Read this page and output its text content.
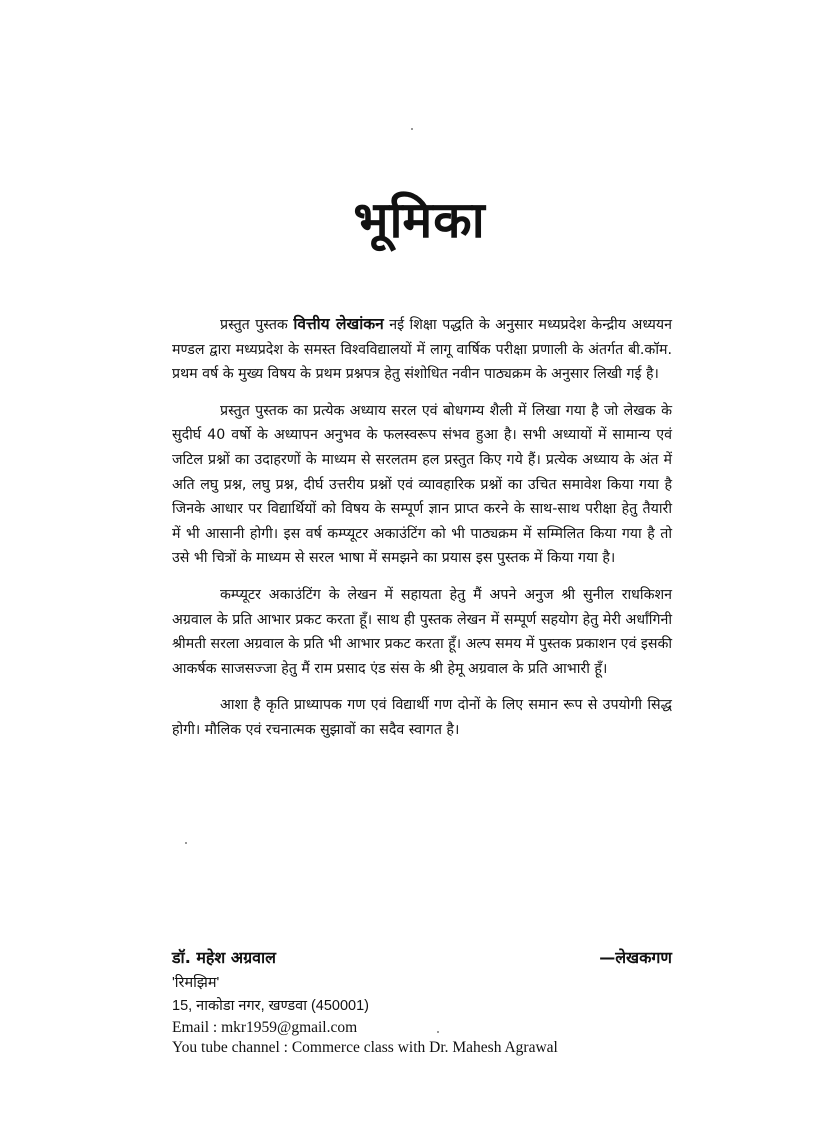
भूमिका

प्रस्तुत पुस्तक वित्तीय लेखांकन नई शिक्षा पद्धति के अनुसार मध्यप्रदेश केन्द्रीय अध्ययन मण्डल द्वारा मध्यप्रदेश के समस्त विश्वविद्यालयों में लागू वार्षिक परीक्षा प्रणाली के अंतर्गत बी.कॉम. प्रथम वर्ष के मुख्य विषय के प्रथम प्रश्नपत्र हेतु संशोधित नवीन पाठ्यक्रम के अनुसार लिखी गई है।

प्रस्तुत पुस्तक का प्रत्येक अध्याय सरल एवं बोधगम्य शैली में लिखा गया है जो लेखक के सुदीर्घ 40 वर्षो के अध्यापन अनुभव के फलस्वरूप संभव हुआ है। सभी अध्यायों में सामान्य एवं जटिल प्रश्नों का उदाहरणों के माध्यम से सरलतम हल प्रस्तुत किए गये हैं। प्रत्येक अध्याय के अंत में अति लघु प्रश्न, लघु प्रश्न, दीर्घ उत्तरीय प्रश्नों एवं व्यावहारिक प्रश्नों का उचित समावेश किया गया है जिनके आधार पर विद्यार्थियों को विषय के सम्पूर्ण ज्ञान प्राप्त करने के साथ-साथ परीक्षा हेतु तैयारी में भी आसानी होगी। इस वर्ष कम्प्यूटर अकाउंटिंग को भी पाठ्यक्रम में सम्मिलित किया गया है तो उसे भी चित्रों के माध्यम से सरल भाषा में समझने का प्रयास इस पुस्तक में किया गया है।

कम्प्यूटर अकाउंटिंग के लेखन में सहायता हेतु मैं अपने अनुज श्री सुनील राधकिशन अग्रवाल के प्रति आभार प्रकट करता हूँ। साथ ही पुस्तक लेखन में सम्पूर्ण सहयोग हेतु मेरी अर्धांगिनी श्रीमती सरला अग्रवाल के प्रति भी आभार प्रकट करता हूँ। अल्प समय में पुस्तक प्रकाशन एवं इसकी आकर्षक साजसज्जा हेतु मैं राम प्रसाद एंड संस के श्री हेमू अग्रवाल के प्रति आभारी हूँ।

आशा है कृति प्राध्यापक गण एवं विद्यार्थी गण दोनों के लिए समान रूप से उपयोगी सिद्ध होगी। मौलिक एवं रचनात्मक सुझावों का सदैव स्वागत है।

डॉ. महेश अग्रवाल	—लेखकगण
'रिमझिम'
15, नाकोडा नगर, खण्डवा (450001)
Email : mkr1959@gmail.com
You tube channel : Commerce class with Dr. Mahesh Agrawal
